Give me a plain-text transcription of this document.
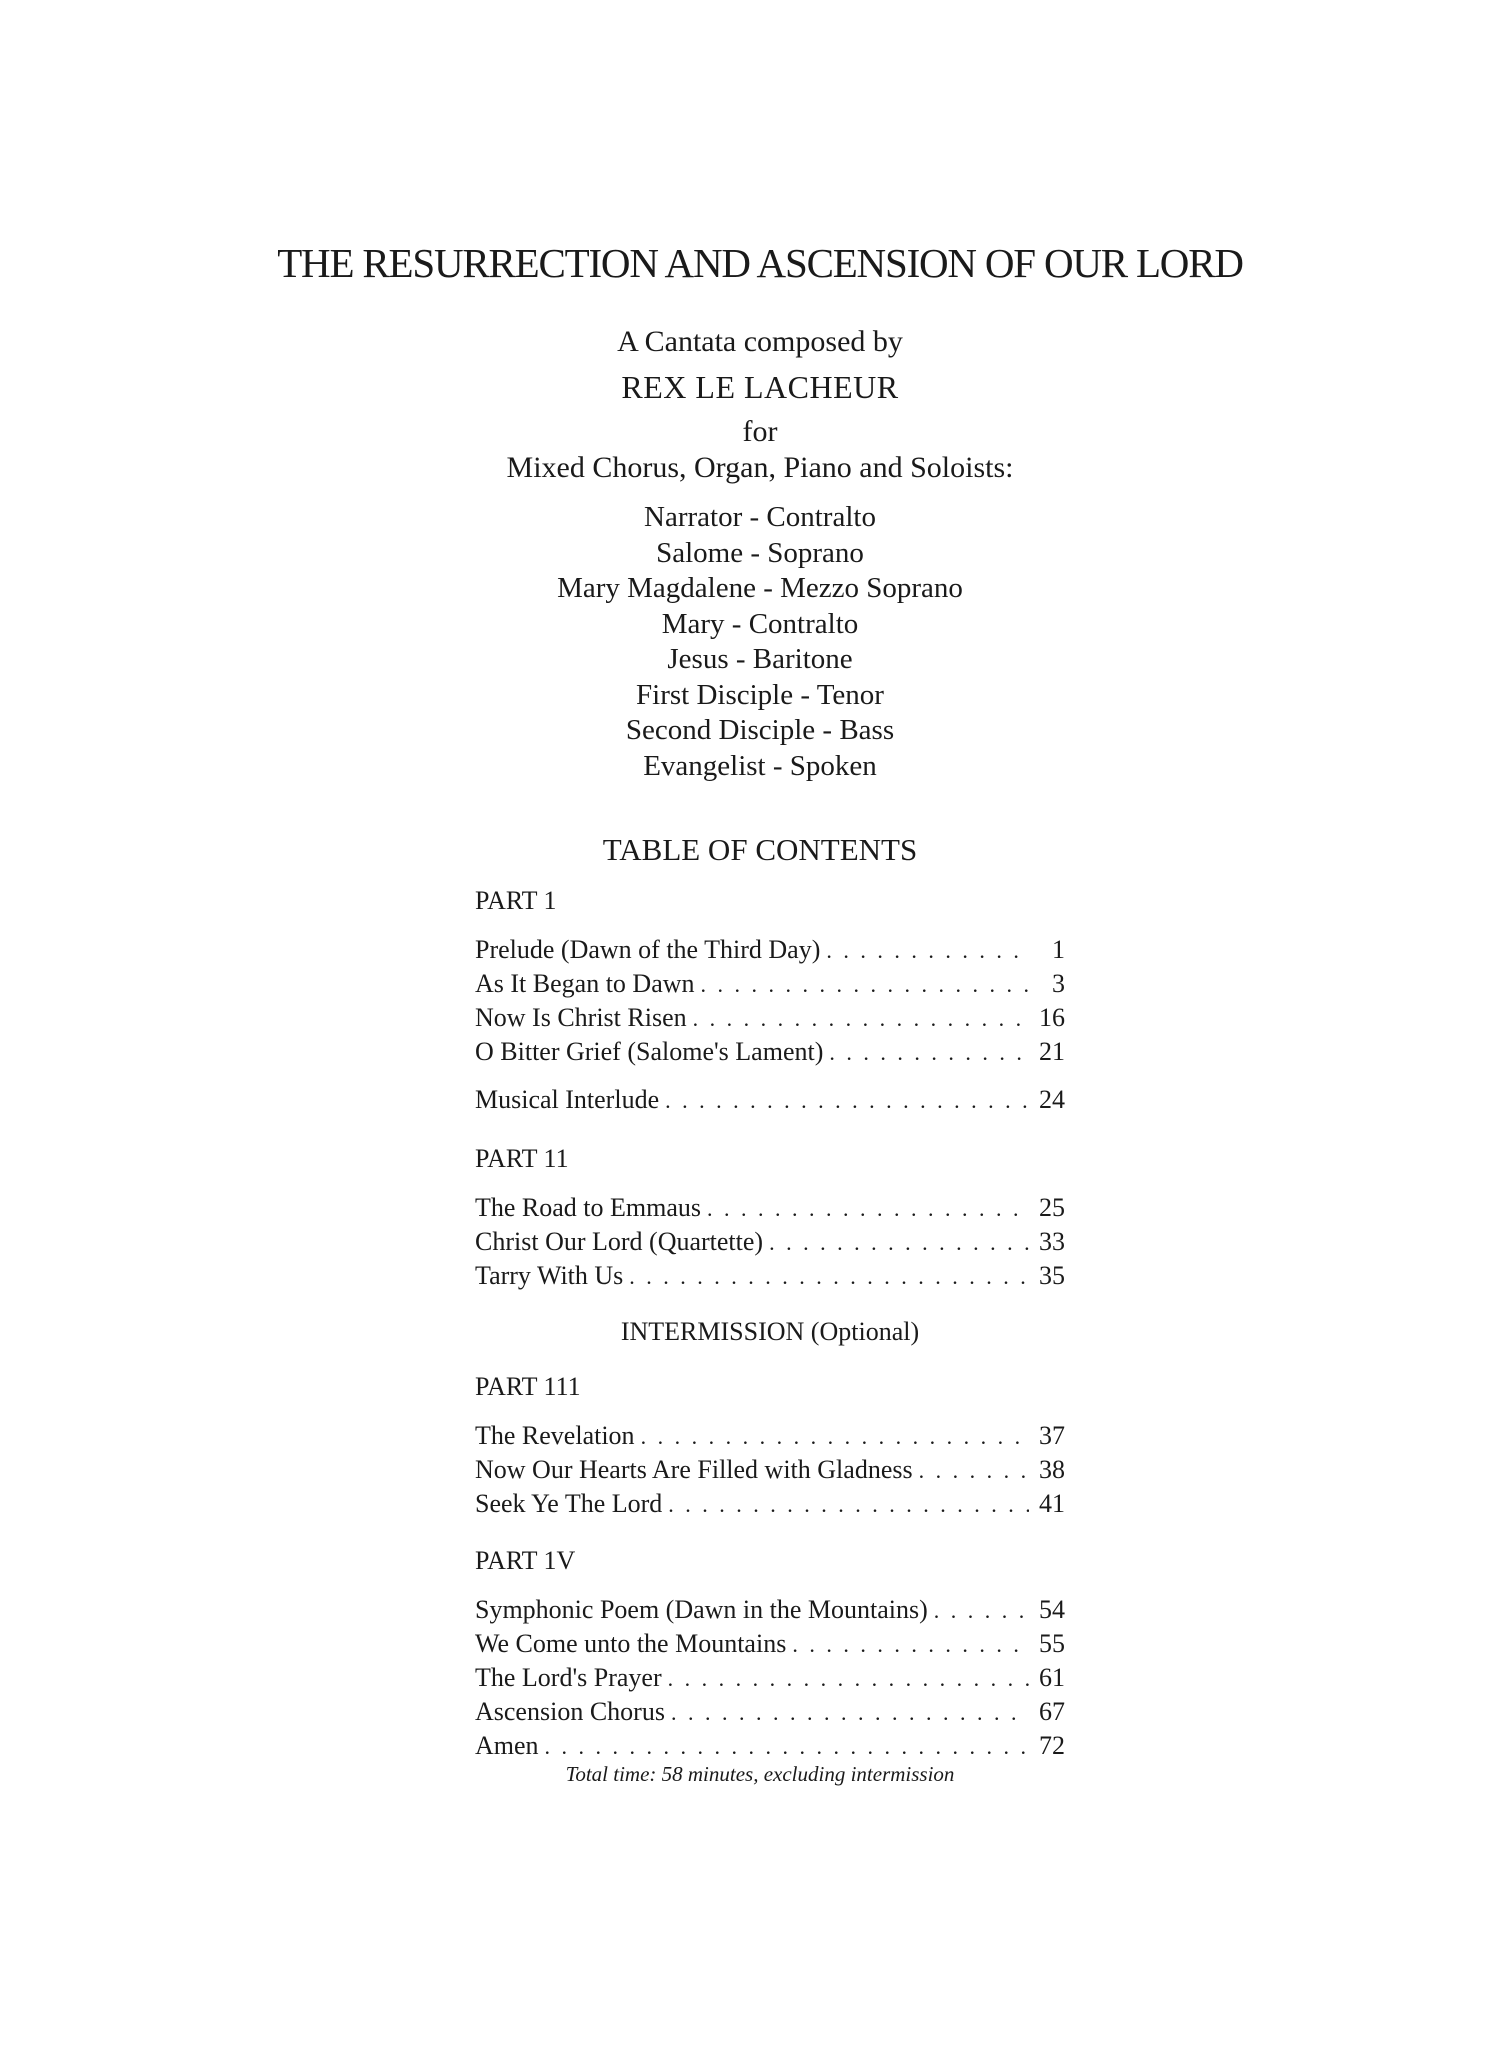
THE RESURRECTION AND ASCENSION OF OUR LORD
A Cantata composed by
REX LE LACHEUR
for
Mixed Chorus, Organ, Piano and Soloists:
Narrator - Contralto
Salome - Soprano
Mary Magdalene - Mezzo Soprano
Mary - Contralto
Jesus - Baritone
First Disciple - Tenor
Second Disciple - Bass
Evangelist - Spoken
TABLE OF CONTENTS
PART 1
Prelude (Dawn of the Third Day) . . .	1
As It Began to Dawn . . .	3
Now Is Christ Risen . . .	16
O Bitter Grief (Salome's Lament) . . .	21
Musical Interlude . . .	24
PART 11
The Road to Emmaus . . .	25
Christ Our Lord (Quartette) . . .	33
Tarry With Us . . .	35
INTERMISSION (Optional)
PART 111
The Revelation . . .	37
Now Our Hearts Are Filled with Gladness . . .	38
Seek Ye The Lord . . .	41
PART 1V
Symphonic Poem (Dawn in the Mountains) . . .	54
We Come unto the Mountains . . .	55
The Lord's Prayer . . .	61
Ascension Chorus . . .	67
Amen . . .	72
Total time: 58 minutes, excluding intermission
